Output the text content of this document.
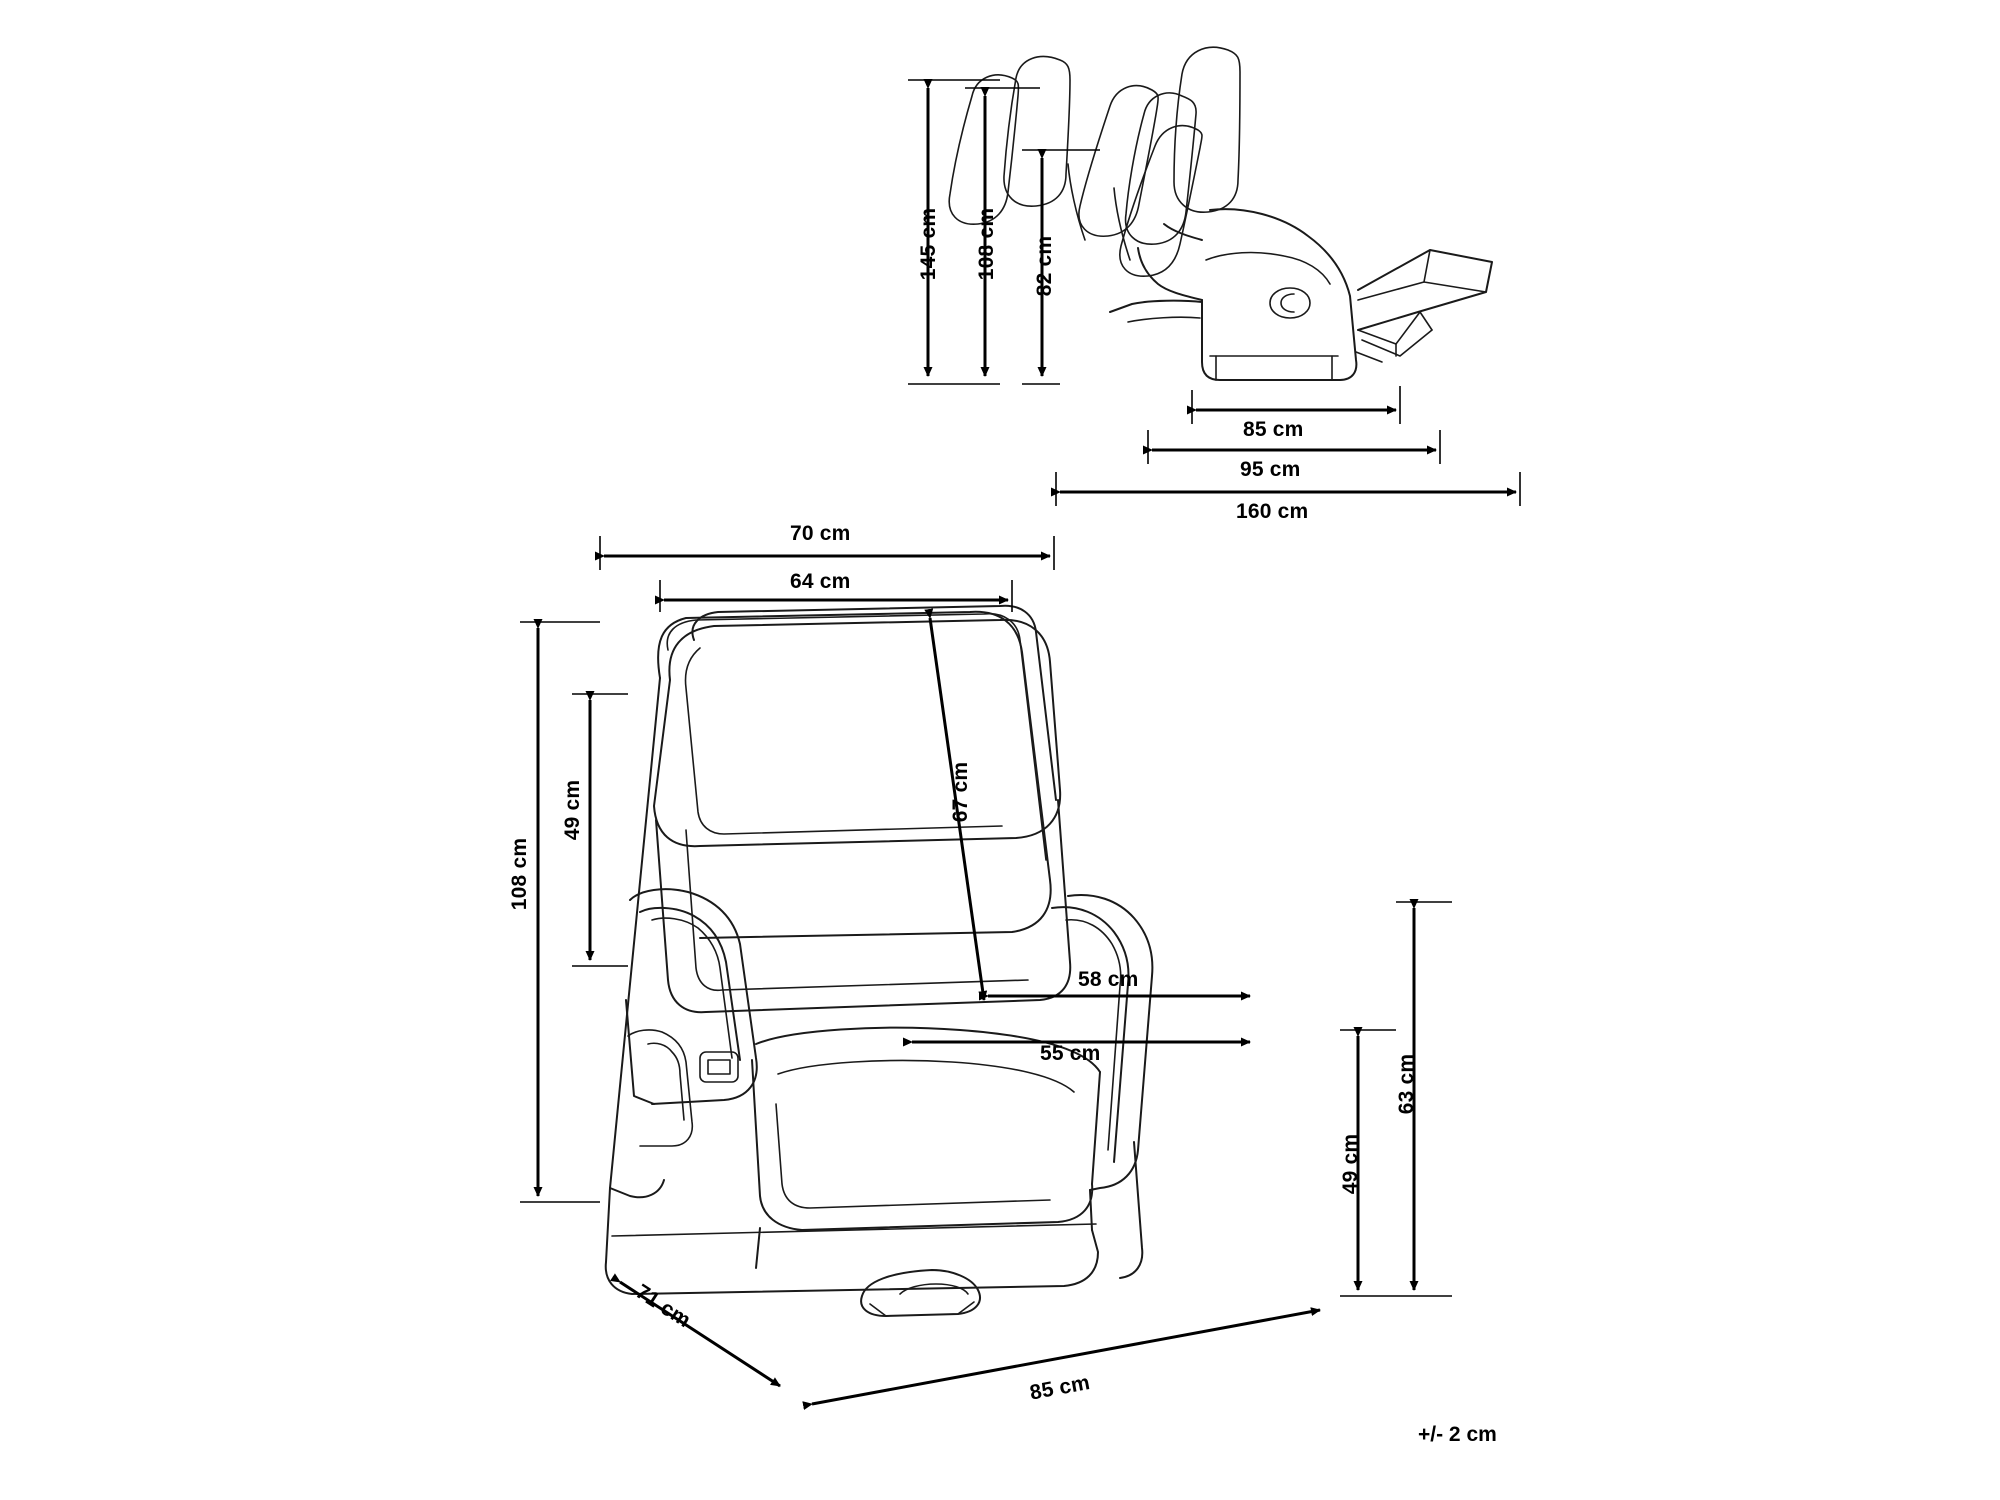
145 cm 108 cm 82 cm
85 cm
95 cm
160 cm
70 cm
64 cm
108 cm
49 cm	67 cm
58 cm
55 cm
49 cm
63 cm
71 cm
85 cm
+/- 2 cm
